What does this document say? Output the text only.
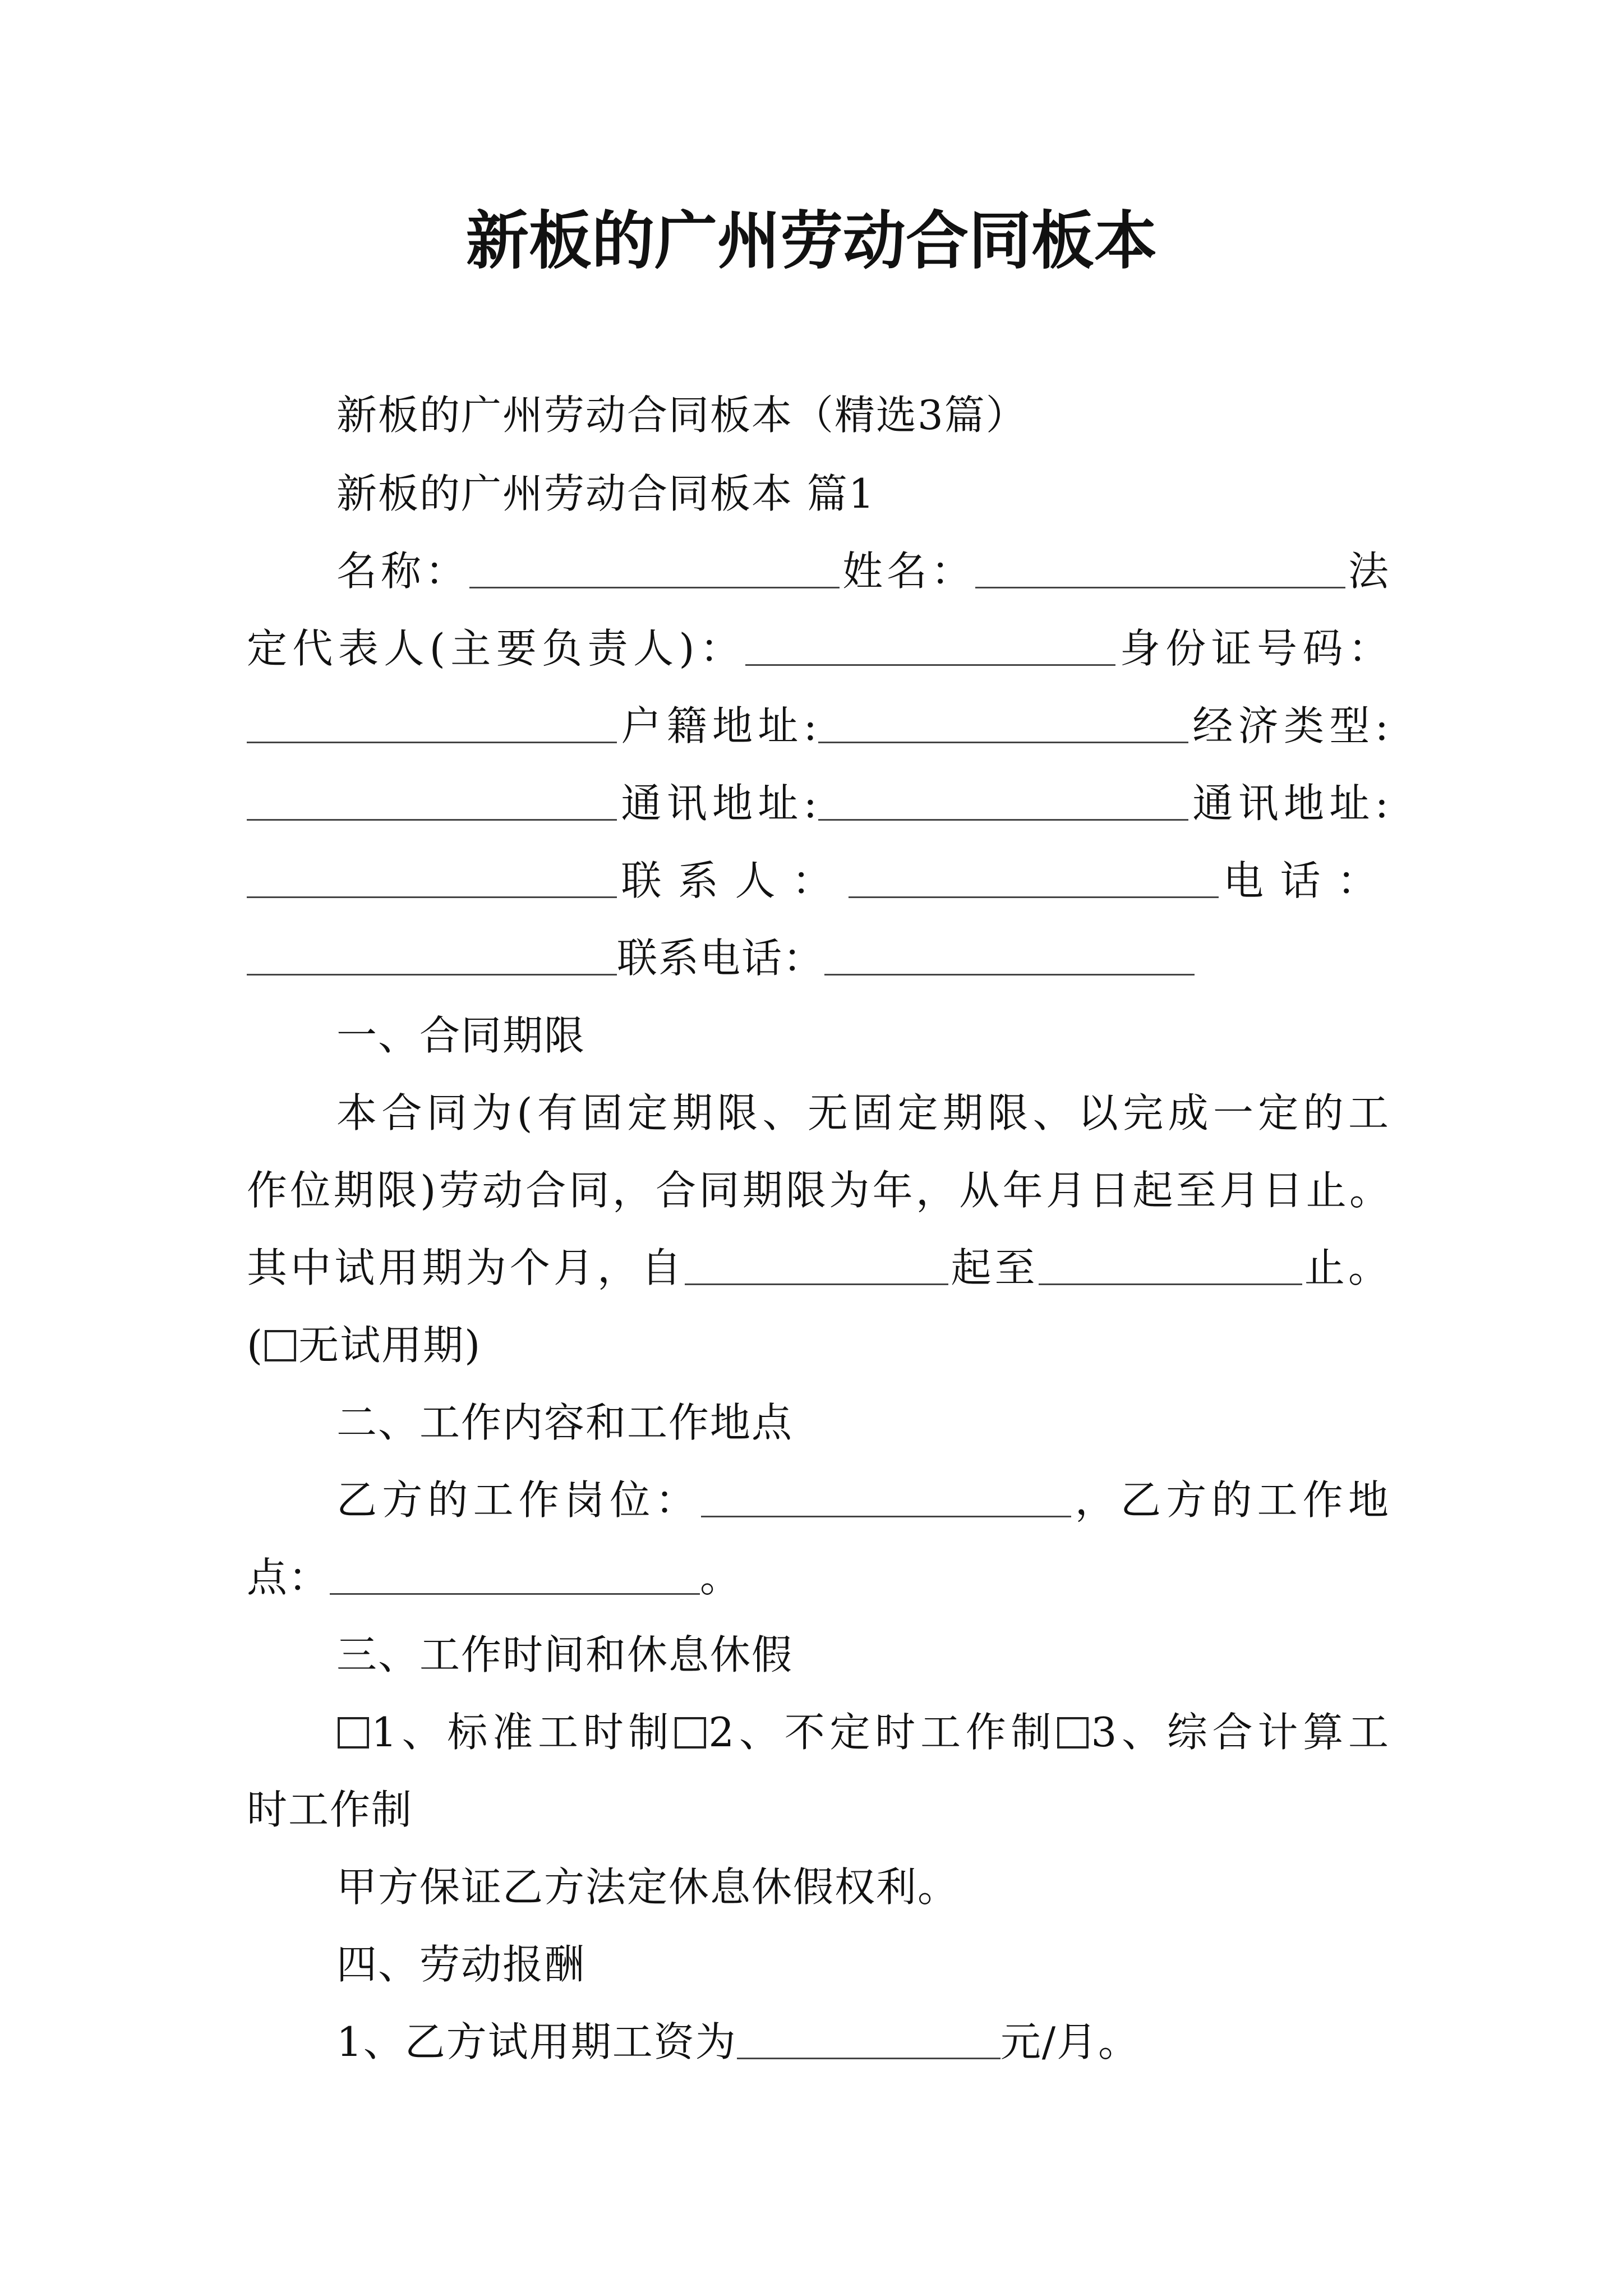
新板的广州劳动合同板本
新板的广州劳动合同板本（精选3篇）
新板的广州劳动合同板本 篇1
名称：	姓名：	法
定代表人(主要负责人)：	身份证号码：
户籍地址:	经济类型:
通讯地址:	通讯地址:
联系人：	电话：
联系电话：
一、合同期限
本合同为(有固定期限、无固定期限、以完成一定的工
作位期限)劳动合同，合同期限为年，从年月日起至月日止。
其中试用期为个月，自	起至	止。
( 无试用期)
二、工作内容和工作地点
乙方的工作岗位：	，乙方的工作地
点：	。
三、工作时间和休息休假
1、标准工时制 2、不定时工作制 3、综合计算工
时工作制
甲方保证乙方法定休息休假权利。
四、劳动报酬
1、乙方试用期工资为	元/月。
